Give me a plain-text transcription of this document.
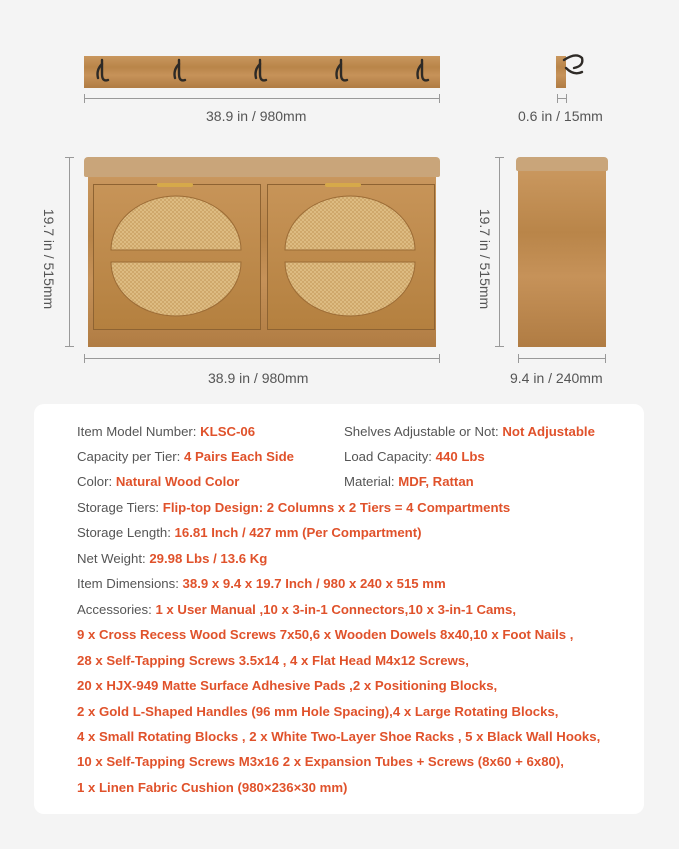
38.9 in / 980mm	0.6 in / 15mm
19.7 in / 515mm
38.9 in / 980mm
19.7 in / 515mm
9.4 in / 240mm
Item Model Number: KLSC-06	Shelves Adjustable or Not: Not Adjustable
Capacity per Tier: 4 Pairs Each Side	Load Capacity: 440 Lbs
Color: Natural Wood Color	Material: MDF, Rattan
Storage Tiers: Flip-top Design: 2 Columns x 2 Tiers = 4 Compartments
Storage Length: 16.81 Inch / 427 mm (Per Compartment)
Net Weight: 29.98 Lbs / 13.6 Kg
Item Dimensions: 38.9 x 9.4 x 19.7 Inch / 980 x 240 x 515 mm
Accessories: 1 x User Manual ,10 x 3-in-1 Connectors,10 x 3-in-1 Cams,
9 x Cross Recess Wood Screws 7x50,6 x Wooden Dowels 8x40,10 x Foot Nails ,
28 x Self-Tapping Screws 3.5x14 , 4 x Flat Head M4x12 Screws,
20 x HJX-949 Matte Surface Adhesive Pads ,2 x Positioning Blocks,
2 x Gold L-Shaped Handles (96 mm Hole Spacing),4 x Large Rotating Blocks,
4 x Small Rotating Blocks , 2 x White Two-Layer Shoe Racks , 5 x Black Wall Hooks,
10 x Self-Tapping Screws M3x16 2 x Expansion Tubes + Screws (8x60 + 6x80),
1 x Linen Fabric Cushion (980×236×30 mm)
